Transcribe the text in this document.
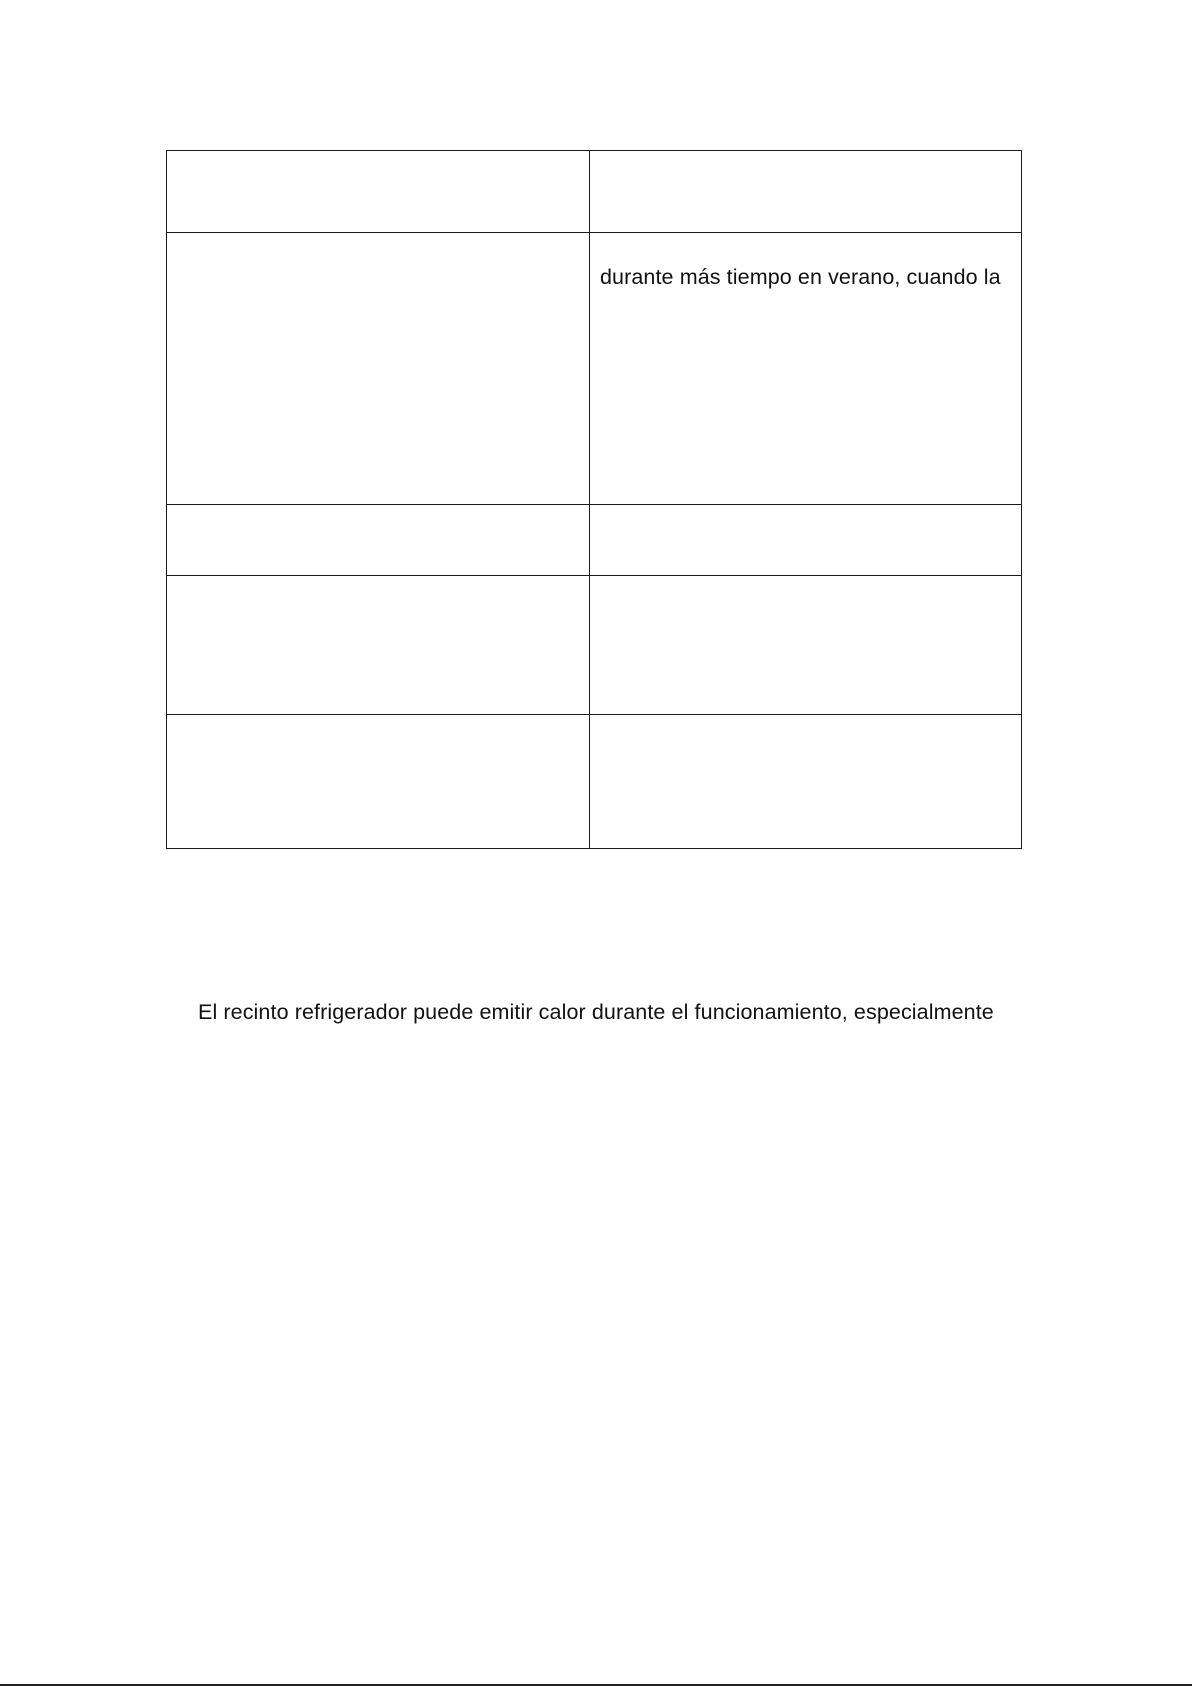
	durante más tiempo en verano, cuando la

El recinto refrigerador puede emitir calor durante el funcionamiento, especialmente
